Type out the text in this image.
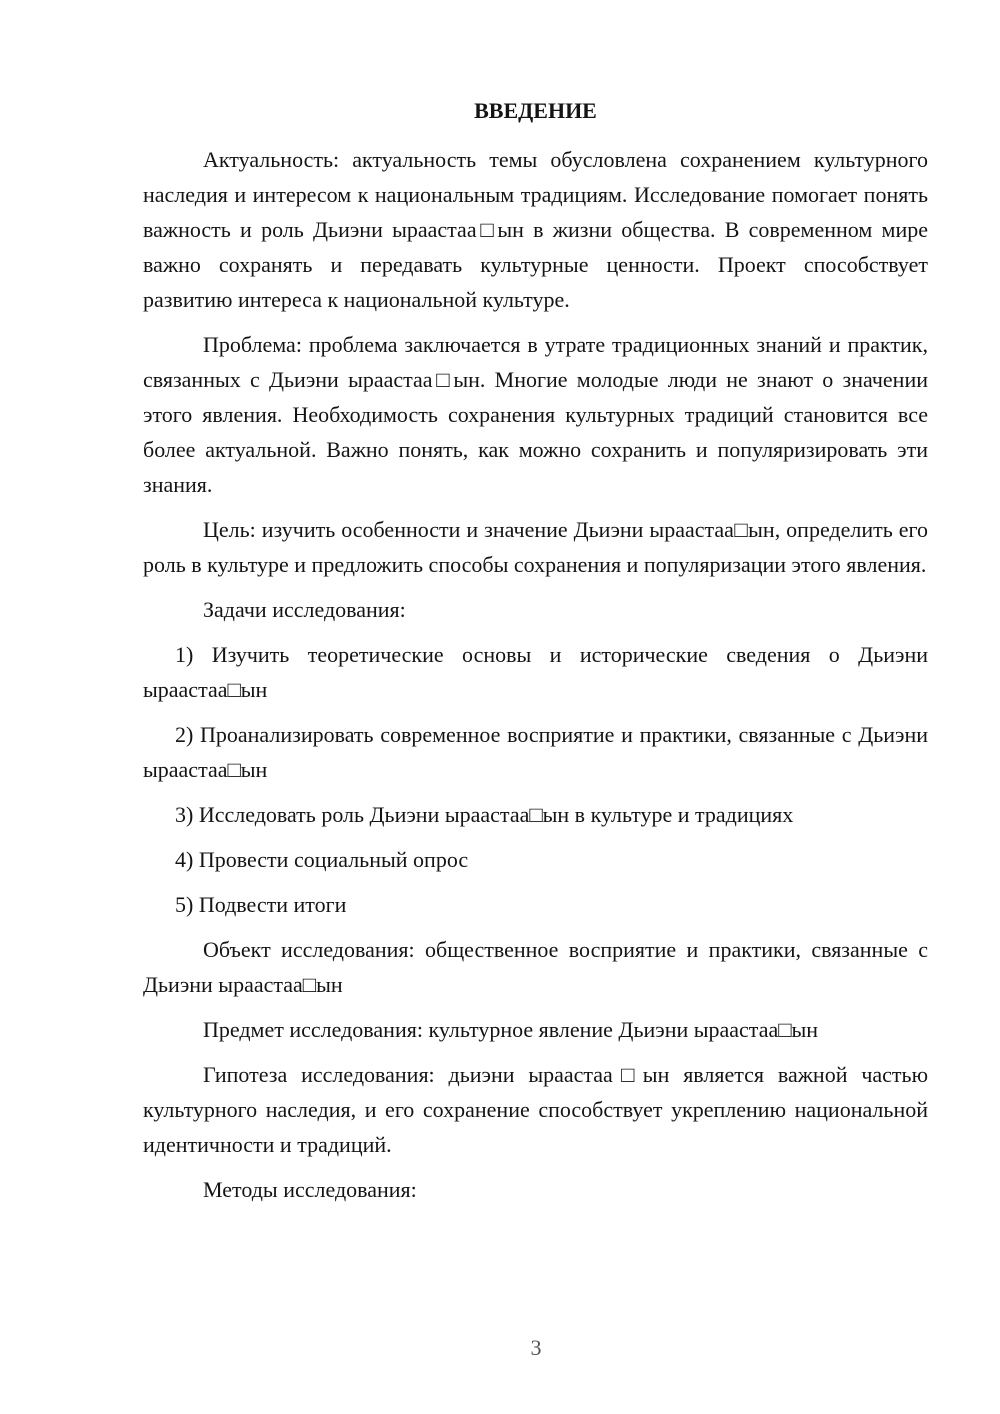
ВВЕДЕНИЕ

Актуальность: актуальность темы обусловлена сохранением культурного наследия и интересом к национальным традициям. Исследование помогает понять важность и роль Дьиэни ыраастаа□ын в жизни общества. В современном мире важно сохранять и передавать культурные ценности. Проект способствует развитию интереса к национальной культуре.

Проблема: проблема заключается в утрате традиционных знаний и практик, связанных с Дьиэни ыраастаа□ын. Многие молодые люди не знают о значении этого явления. Необходимость сохранения культурных традиций становится все более актуальной. Важно понять, как можно сохранить и популяризировать эти знания.

Цель: изучить особенности и значение Дьиэни ыраастаа□ын, определить его роль в культуре и предложить способы сохранения и популяризации этого явления.

Задачи исследования:

1) Изучить теоретические основы и исторические сведения о Дьиэни ыраастаа□ын

2) Проанализировать современное восприятие и практики, связанные с Дьиэни ыраастаа□ын

3) Исследовать роль Дьиэни ыраастаа□ын в культуре и традициях

4) Провести социальный опрос

5) Подвести итоги

Объект исследования: общественное восприятие и практики, связанные с Дьиэни ыраастаа□ын

Предмет исследования: культурное явление Дьиэни ыраастаа□ын

Гипотеза исследования: дьиэни ыраастаа□ын является важной частью культурного наследия, и его сохранение способствует укреплению национальной идентичности и традиций.

Методы исследования:

3
